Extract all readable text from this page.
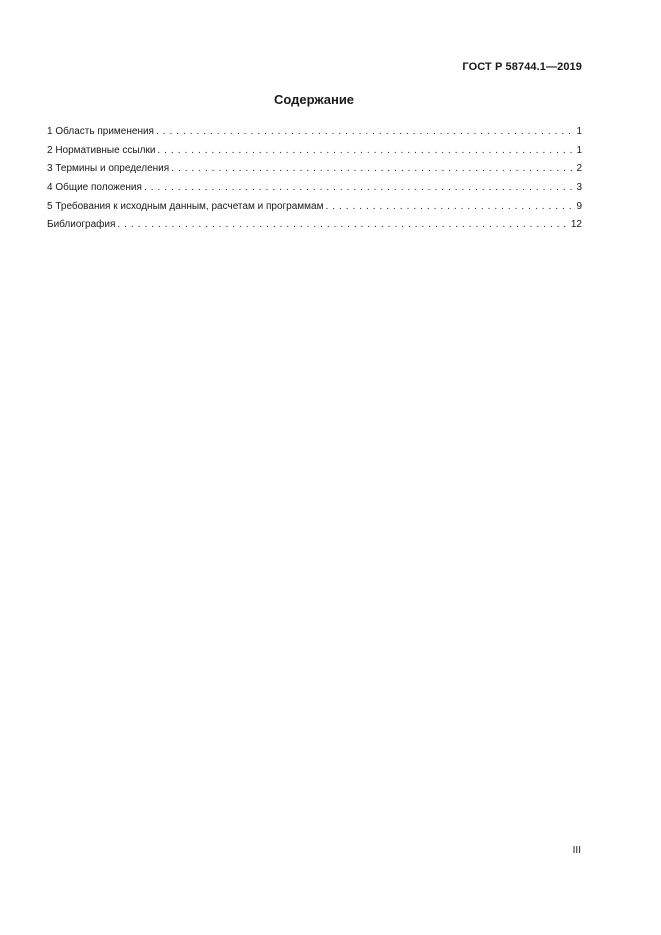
ГОСТ Р 58744.1—2019
Содержание
1 Область применения . . .	1
2 Нормативные ссылки . . .	1
3 Термины и определения . . .	2
4 Общие положения . . .	3
5 Требования к исходным данным, расчетам и программам . . .	9
Библиография . . .	12
III
